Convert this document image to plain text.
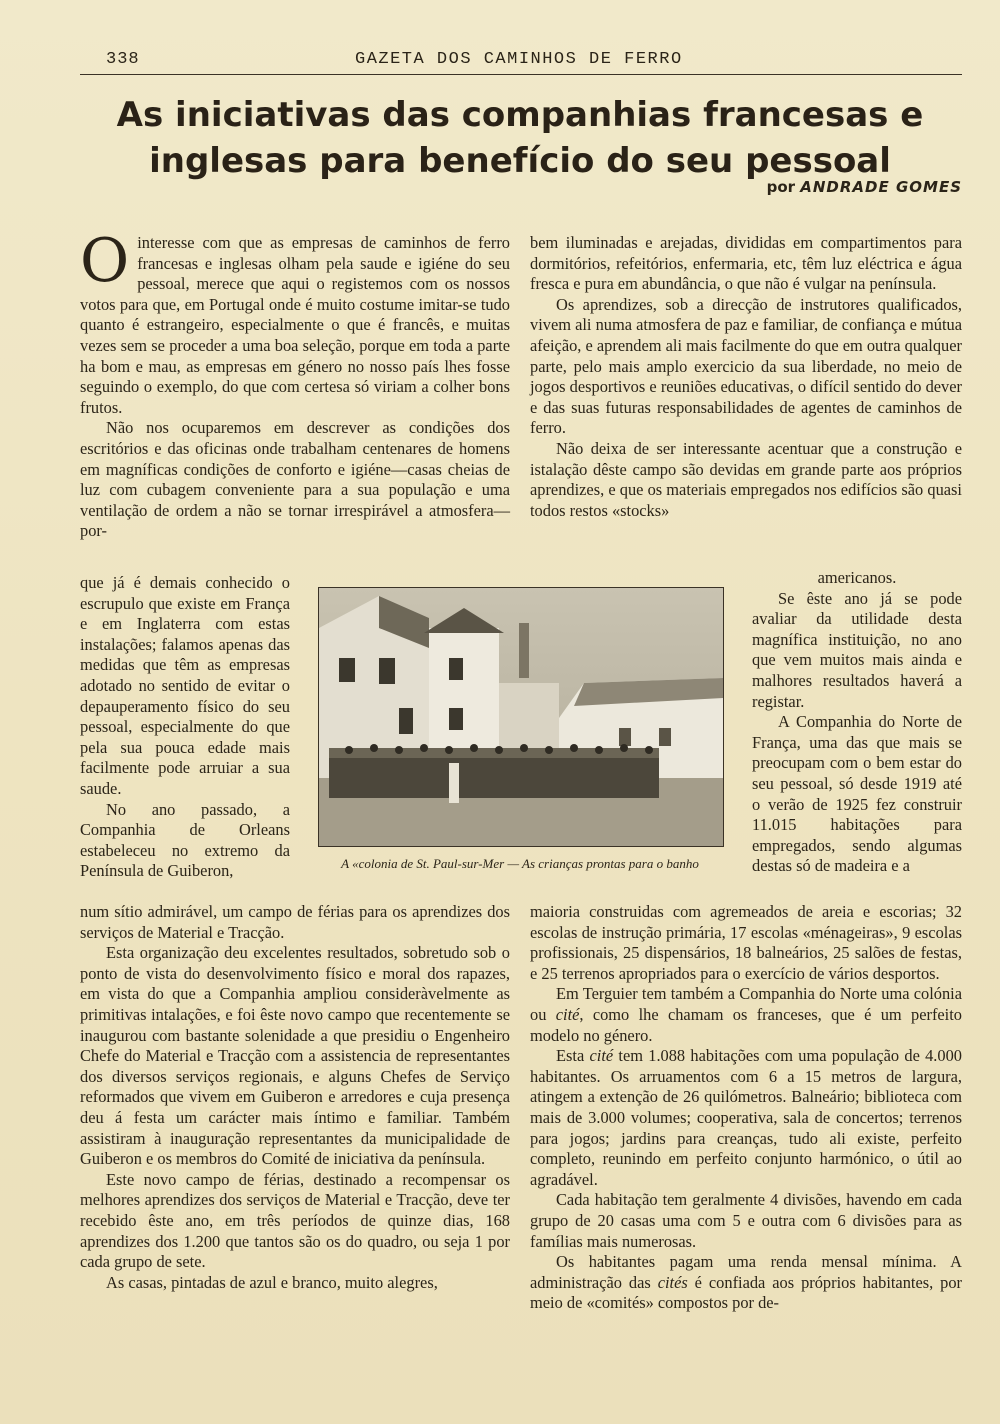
338	GAZETA DOS CAMINHOS DE FERRO
As iniciativas das companhias francesas e inglesas para benefício do seu pessoal
por ANDRADE GOMES

Ointeresse com que as empresas de caminhos de ferro francesas e inglesas olham pela saude e igiéne do seu pessoal, merece que aqui o registemos com os nossos votos para que, em Portugal onde é muito costume imitar-se tudo quanto é estrangeiro, especialmente o que é francês, e muitas vezes sem se proceder a uma boa seleção, porque em toda a parte ha bom e mau, as empresas em género no nosso país lhes fosse seguindo o exemplo, do que com certesa só viriam a colher bons frutos.

Não nos ocuparemos em descrever as condições dos escritórios e das oficinas onde trabalham centenares de homens em magníficas condições de conforto e igiéne—casas cheias de luz com cubagem conveniente para a sua população e uma ventilação de ordem a não se tornar irrespirável a atmosfera—por-

que já é demais conhecido o escrupulo que existe em França e em Inglaterra com estas instalações; falamos apenas das medidas que têm as empresas adotado no sentido de evitar o depauperamento físico do seu pessoal, especialmente do que pela sua pouca edade mais facilmente pode arruiar a sua saude.

No ano passado, a Companhia de Orleans estabeleceu no extremo da Península de Guiberon,	A «colonia de St. Paul-sur-Mer — As crianças prontas para o banho

bem iluminadas e arejadas, divididas em compartimentos para dormitórios, refeitórios, enfermaria, etc, têm luz eléctrica e água fresca e pura em abundância, o que não é vulgar na península.

Os aprendizes, sob a direcção de instrutores qualificados, vivem ali numa atmosfera de paz e familiar, de confiança e mútua afeição, e aprendem ali mais facilmente do que em outra qualquer parte, pelo mais amplo exercicio da sua liberdade, no meio de jogos desportivos e reuniões educativas, o difícil sentido do dever e das suas futuras responsabilidades de agentes de caminhos de ferro.

Não deixa de ser interessante acentuar que a construção e istalação dêste campo são devidas em grande parte aos próprios aprendizes, e que os materiais empregados nos edifícios são quasi todos restos «stocks»

americanos.

Se êste ano já se pode avaliar da utilidade desta magnífica instituição, no ano que vem muitos mais ainda e malhores resultados haverá a registar.

A Companhia do Norte de França, uma das que mais se preocupam com o bem estar do seu pessoal, só desde 1919 até o verão de 1925 fez construir 11.015 habitações para empregados, sendo algumas destas só de madeira e a

num sítio admirável, um campo de férias para os aprendizes dos serviços de Material e Tracção.

Esta organização deu excelentes resultados, sobretudo sob o ponto de vista do desenvolvimento físico e moral dos rapazes, em vista do que a Companhia ampliou consideràvelmente as primitivas intalações, e foi êste novo campo que recentemente se inaugurou com bastante solenidade a que presidiu o Engenheiro Chefe do Material e Tracção com a assistencia de representantes dos diversos serviços regionais, e alguns Chefes de Serviço reformados que vivem em Guiberon e arredores e cuja presença deu á festa um carácter mais íntimo e familiar. Também assistiram à inauguração representantes da municipalidade de Guiberon e os membros do Comité de iniciativa da península.

Este novo campo de férias, destinado a recompensar os melhores aprendizes dos serviços de Material e Tracção, deve ter recebido êste ano, em três períodos de quinze dias, 168 aprendizes dos 1.200 que tantos são os do quadro, ou seja 1 por cada grupo de sete.

As casas, pintadas de azul e branco, muito alegres,

maioria construidas com agremeados de areia e escorias; 32 escolas de instrução primária, 17 escolas «ménageiras», 9 escolas profissionais, 25 dispensários, 18 balneários, 25 salões de festas, e 25 terrenos apropriados para o exercício de vários desportos.

Em Terguier tem também a Companhia do Norte uma colónia ou cité, como lhe chamam os franceses, que é um perfeito modelo no género.

Esta cité tem 1.088 habitações com uma população de 4.000 habitantes. Os arruamentos com 6 a 15 metros de largura, atingem a extenção de 26 quilómetros. Balneário; biblioteca com mais de 3.000 volumes; cooperativa, sala de concertos; terrenos para jogos; jardins para creanças, tudo ali existe, perfeito completo, reunindo em perfeito conjunto harmónico, o útil ao agradável.

Cada habitação tem geralmente 4 divisões, havendo em cada grupo de 20 casas uma com 5 e outra com 6 divisões para as famílias mais numerosas.

Os habitantes pagam uma renda mensal mínima. A administração das cités é confiada aos próprios habitantes, por meio de «comités» compostos por de-
